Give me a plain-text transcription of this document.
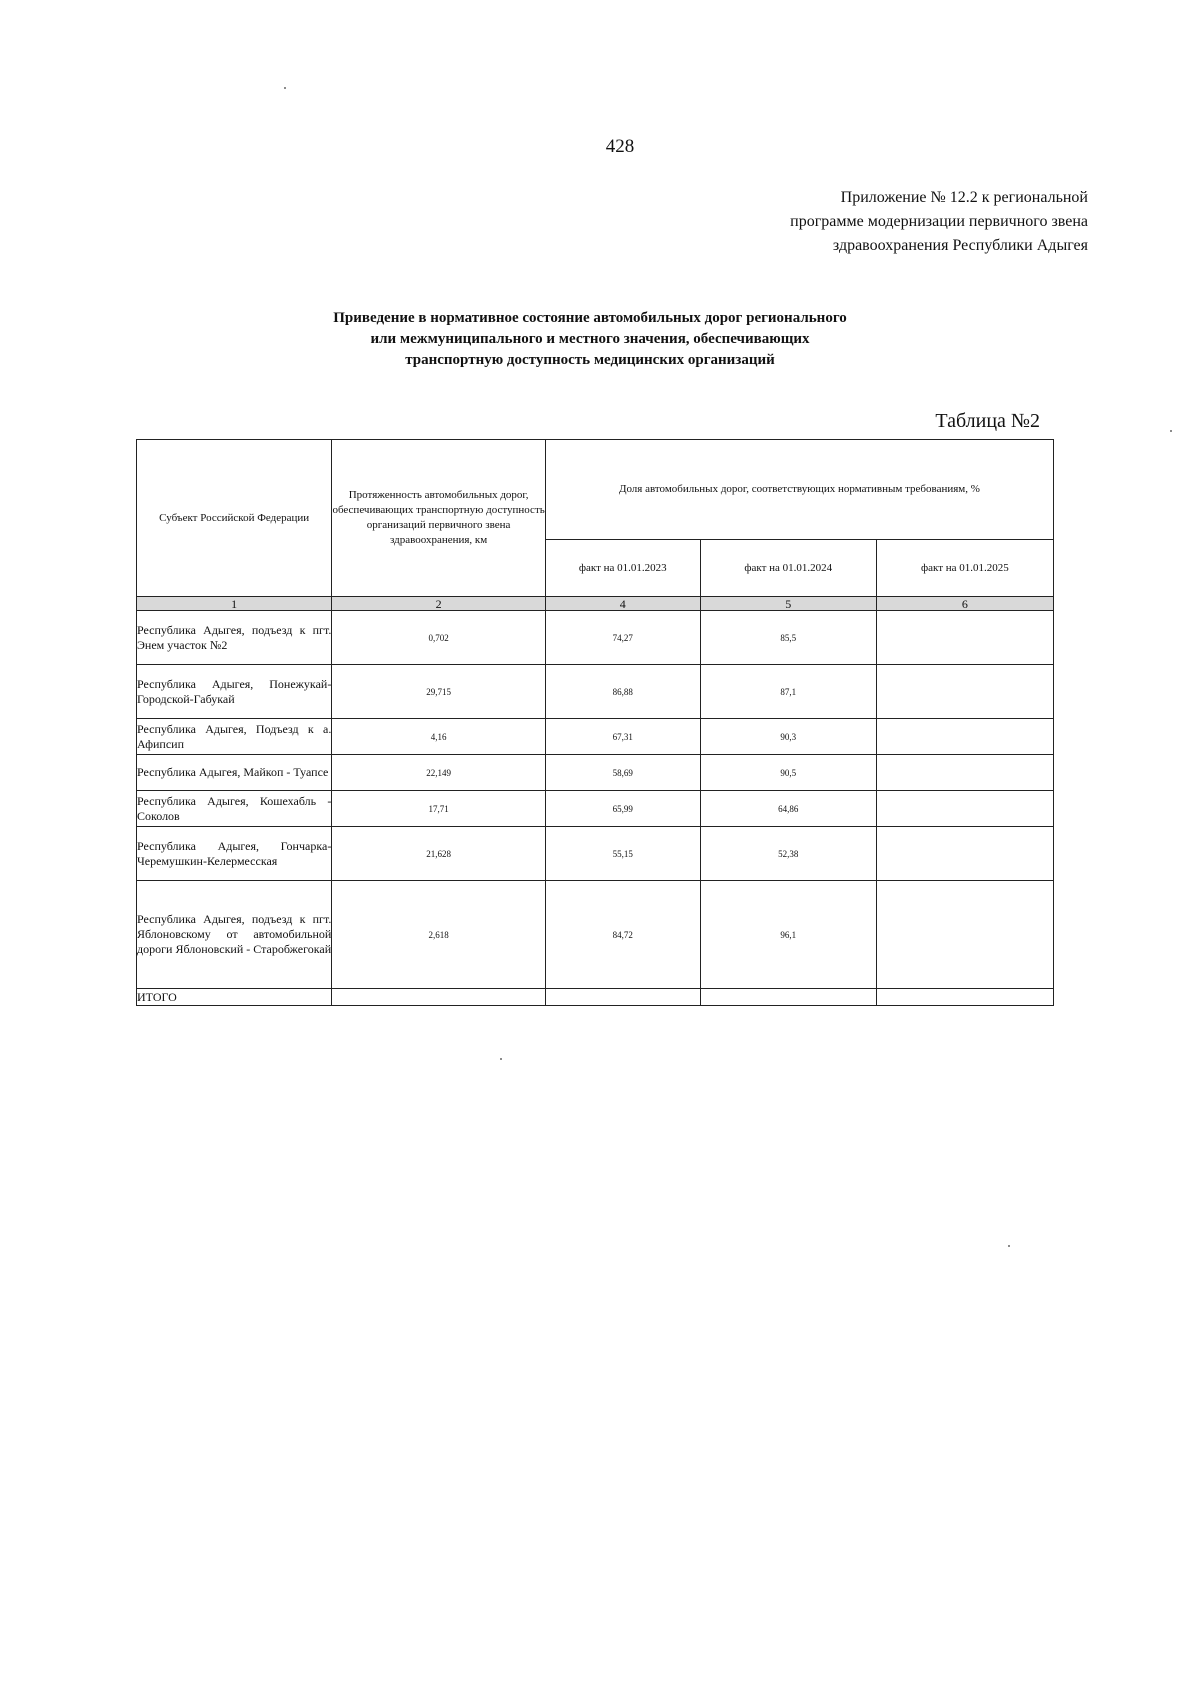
428
Приложение № 12.2 к региональной
программе модернизации первичного звена
здравоохранения Республики Адыгея
Приведение в нормативное состояние автомобильных дорог регионального
или межмуниципального и местного значения, обеспечивающих
транспортную доступность медицинских организаций
Таблица №2
Субъект Российской Федерации	Протяженность автомобильных дорог, обеспечивающих транспортную доступность организаций первичного звена здравоохранения, км	Доля автомобильных дорог, соответствующих нормативным требованиям, %		
		факт на 01.01.2023	факт на 01.01.2024	факт на 01.01.2025
1	2	4	5	6
Республика Адыгея, подъезд к пгт. Энем участок №2	0,702	74,27	85,5	
Республика Адыгея, Понежукай-Городской-Габукай	29,715	86,88	87,1	
Республика Адыгея, Подъезд к а. Афипсип	4,16	67,31	90,3	
Республика Адыгея, Майкоп - Туапсе	22,149	58,69	90,5	
Республика Адыгея, Кошехабль - Соколов	17,71	65,99	64,86	
Республика Адыгея, Гончарка-Черемушкин-Келермесская	21,628	55,15	52,38	
Республика Адыгея, подъезд к пгт. Яблоновскому от автомобильной дороги Яблоновский - Старобжегокай	2,618	84,72	96,1	
ИТОГО				
